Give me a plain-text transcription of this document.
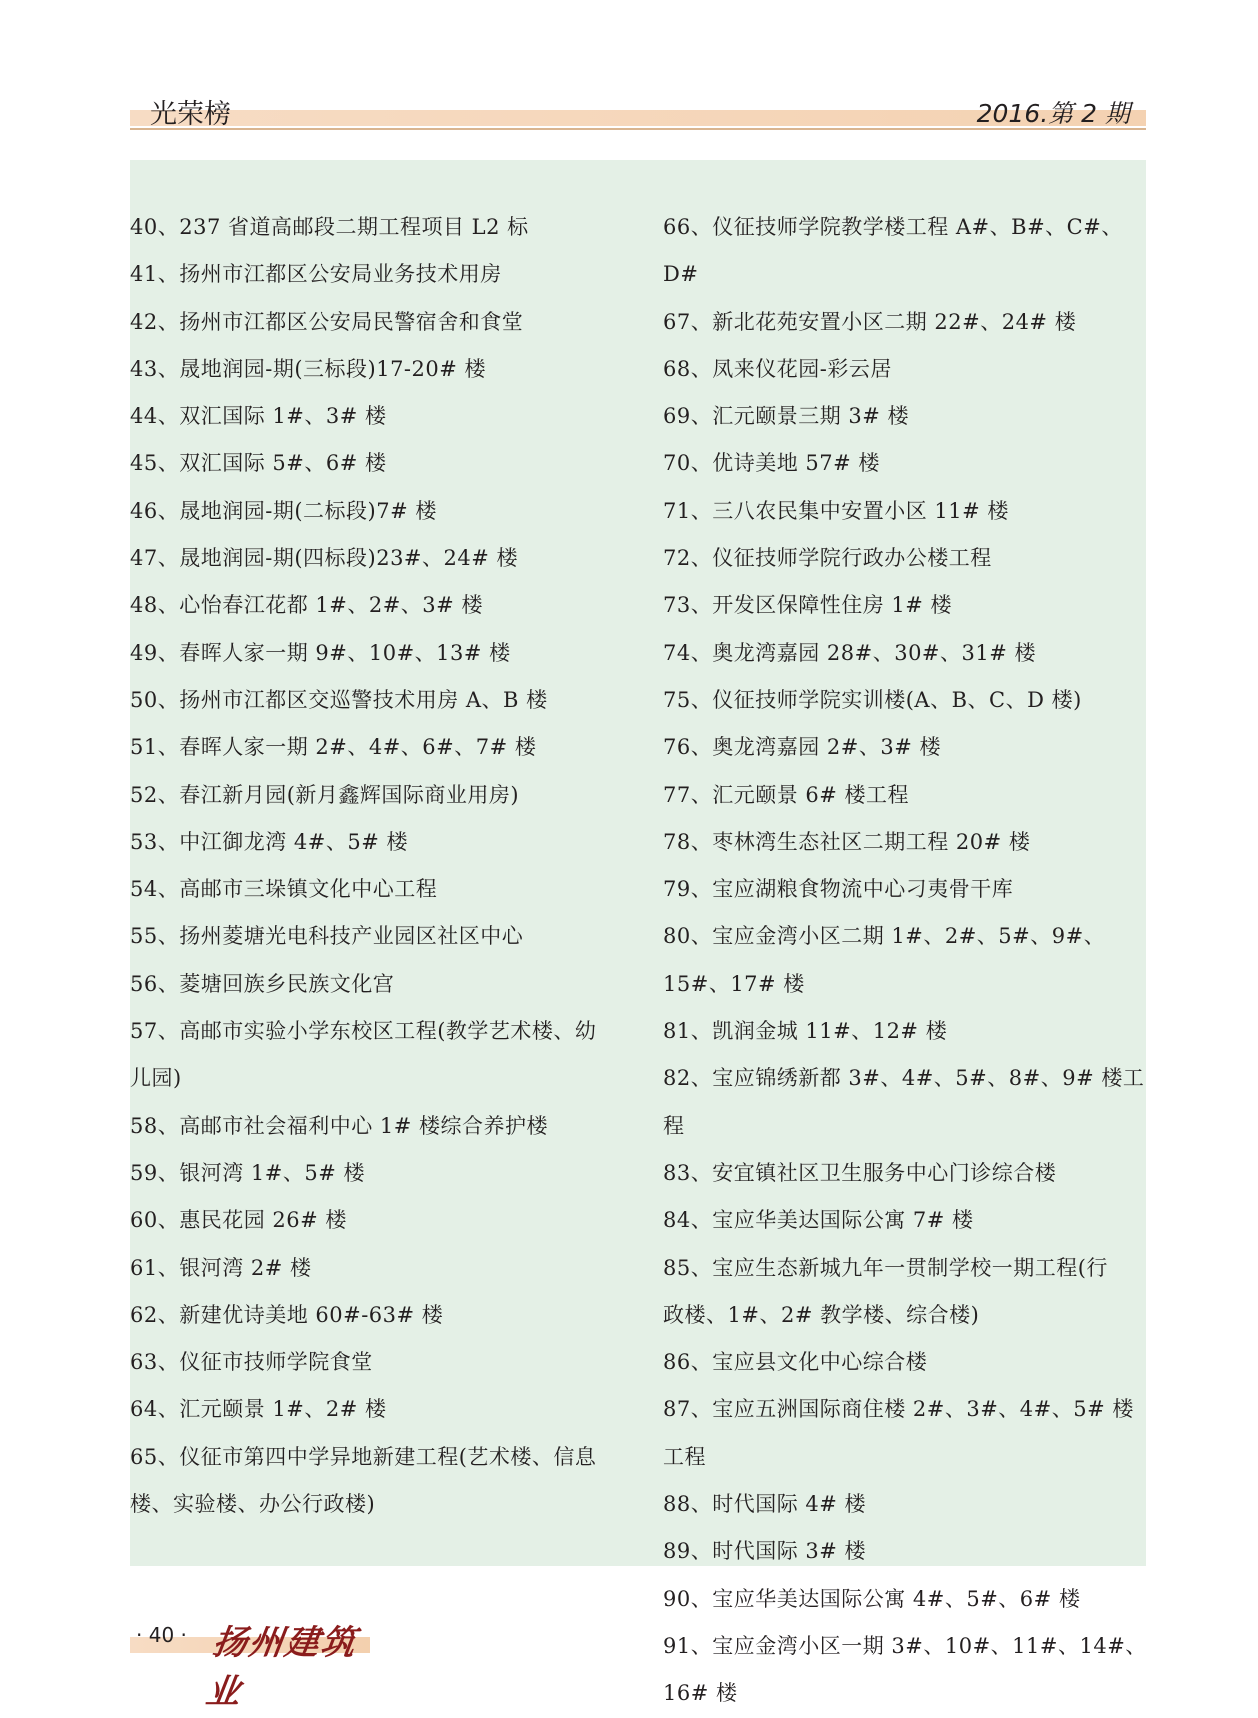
光荣榜	2016.第 2 期

40、237 省道高邮段二期工程项目 L2 标

41、扬州市江都区公安局业务技术用房

42、扬州市江都区公安局民警宿舍和食堂

43、晟地润园-期(三标段)17-20# 楼

44、双汇国际 1#、3# 楼

45、双汇国际 5#、6# 楼

46、晟地润园-期(二标段)7# 楼

47、晟地润园-期(四标段)23#、24# 楼

48、心怡春江花都 1#、2#、3# 楼

49、春晖人家一期 9#、10#、13# 楼

50、扬州市江都区交巡警技术用房 A、B 楼

51、春晖人家一期 2#、4#、6#、7# 楼

52、春江新月园(新月鑫辉国际商业用房)

53、中江御龙湾 4#、5# 楼

54、高邮市三垛镇文化中心工程

55、扬州菱塘光电科技产业园区社区中心

56、菱塘回族乡民族文化宫

57、高邮市实验小学东校区工程(教学艺术楼、幼

儿园)

58、高邮市社会福利中心 1# 楼综合养护楼

59、银河湾 1#、5# 楼

60、惠民花园 26# 楼

61、银河湾 2# 楼

62、新建优诗美地 60#-63# 楼

63、仪征市技师学院食堂

64、汇元颐景 1#、2# 楼

65、仪征市第四中学异地新建工程(艺术楼、信息

楼、实验楼、办公行政楼)

66、仪征技师学院教学楼工程 A#、B#、C#、D#

67、新北花苑安置小区二期 22#、24# 楼

68、凤来仪花园-彩云居

69、汇元颐景三期 3# 楼

70、优诗美地 57# 楼

71、三八农民集中安置小区 11# 楼

72、仪征技师学院行政办公楼工程

73、开发区保障性住房 1# 楼

74、奥龙湾嘉园 28#、30#、31# 楼

75、仪征技师学院实训楼(A、B、C、D 楼)

76、奥龙湾嘉园 2#、3# 楼

77、汇元颐景 6# 楼工程

78、枣林湾生态社区二期工程 20# 楼

79、宝应湖粮食物流中心刁夷骨干库

80、宝应金湾小区二期 1#、2#、5#、9#、15#、17# 楼

81、凯润金城 11#、12# 楼

82、宝应锦绣新都 3#、4#、5#、8#、9# 楼工程

83、安宜镇社区卫生服务中心门诊综合楼

84、宝应华美达国际公寓 7# 楼

85、宝应生态新城九年一贯制学校一期工程(行

政楼、1#、2# 教学楼、综合楼)

86、宝应县文化中心综合楼

87、宝应五洲国际商住楼 2#、3#、4#、5# 楼工程

88、时代国际 4# 楼

89、时代国际 3# 楼

90、宝应华美达国际公寓 4#、5#、6# 楼

91、宝应金湾小区一期 3#、10#、11#、14#、16# 楼

· 40 · 扬州建筑业
